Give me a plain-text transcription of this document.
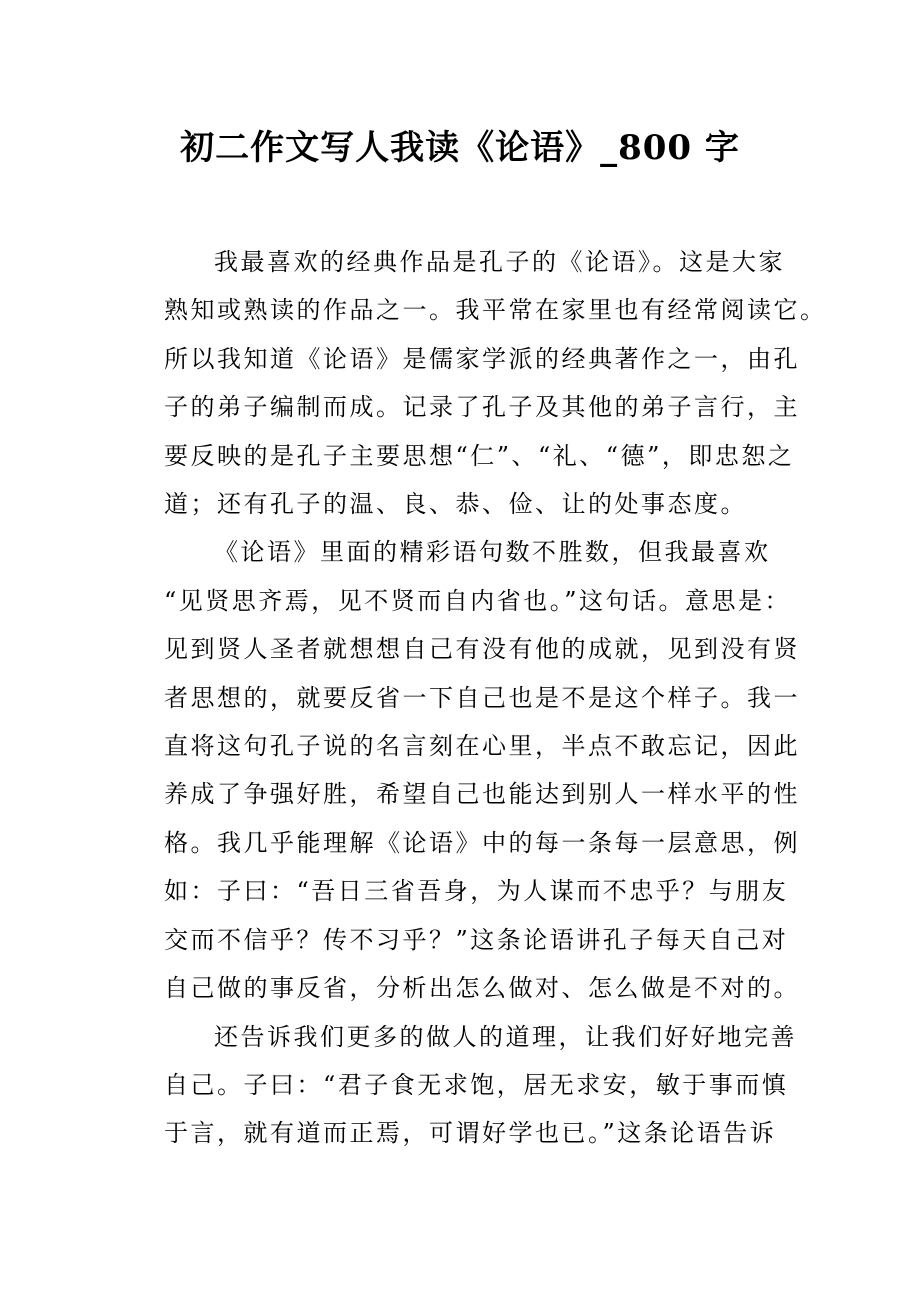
初二作文写人我读《论语》_800 字

我最喜欢的经典作品是孔子的《论语》。这是大家
熟知或熟读的作品之一。我平常在家里也有经常阅读它。
所以我知道《论语》是儒家学派的经典著作之一，由孔
子的弟子编制而成。记录了孔子及其他的弟子言行，主
要反映的是孔子主要思想“仁”、“礼、“德”，即忠恕之
道；还有孔子的温、良、恭、俭、让的处事态度。

《论语》里面的精彩语句数不胜数，但我最喜欢
“见贤思齐焉，见不贤而自内省也。”这句话。意思是：
见到贤人圣者就想想自己有没有他的成就，见到没有贤
者思想的，就要反省一下自己也是不是这个样子。我一
直将这句孔子说的名言刻在心里，半点不敢忘记，因此
养成了争强好胜，希望自己也能达到别人一样水平的性
格。我几乎能理解《论语》中的每一条每一层意思，例
如：子曰：“吾日三省吾身，为人谋而不忠乎？与朋友
交而不信乎？传不习乎？”这条论语讲孔子每天自己对
自己做的事反省，分析出怎么做对、怎么做是不对的。

还告诉我们更多的做人的道理，让我们好好地完善
自己。子曰：“君子食无求饱，居无求安，敏于事而慎
于言，就有道而正焉，可谓好学也已。”这条论语告诉
